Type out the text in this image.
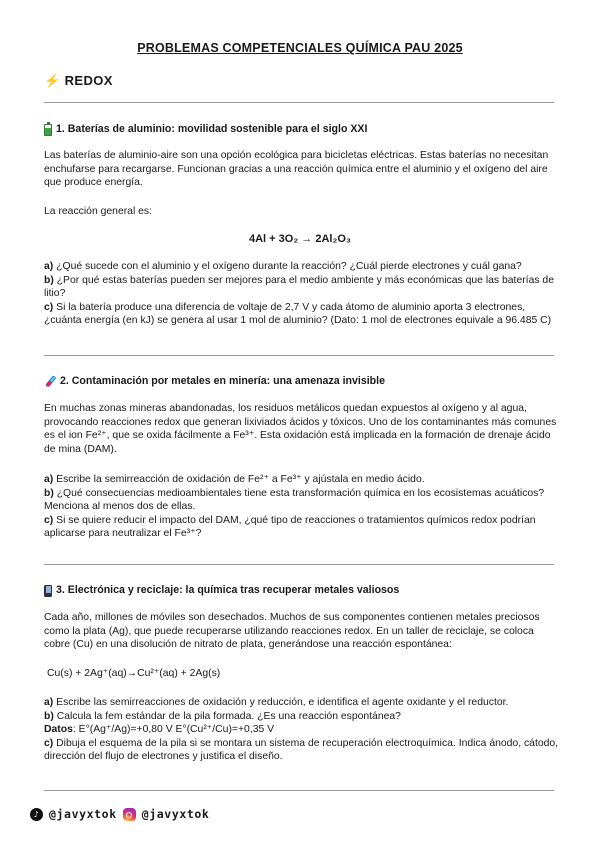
PROBLEMAS COMPETENCIALES QUÍMICA PAU 2025
⚡ REDOX
1. Baterías de aluminio: movilidad sostenible para el siglo XXI
Las baterías de aluminio-aire son una opción ecológica para bicicletas eléctricas. Estas baterías no necesitan enchufarse para recargarse. Funcionan gracias a una reacción química entre el aluminio y el oxígeno del aire que produce energía.
La reacción general es:
4Al + 3O₂ → 2Al₂O₃
a) ¿Qué sucede con el aluminio y el oxígeno durante la reacción? ¿Cuál pierde electrones y cuál gana?
b) ¿Por qué estas baterías pueden ser mejores para el medio ambiente y más económicas que las baterías de litio?
c) Si la batería produce una diferencia de voltaje de 2,7 V y cada átomo de aluminio aporta 3 electrones, ¿cuánta energía (en kJ) se genera al usar 1 mol de aluminio? (Dato: 1 mol de electrones equivale a 96.485 C)
2. Contaminación por metales en minería: una amenaza invisible
En muchas zonas mineras abandonadas, los residuos metálicos quedan expuestos al oxígeno y al agua, provocando reacciones redox que generan lixiviados ácidos y tóxicos. Uno de los contaminantes más comunes es el ion Fe²⁺, que se oxida fácilmente a Fe³⁺. Esta oxidación está implicada en la formación de drenaje ácido de mina (DAM).
a) Escribe la semirreacción de oxidación de Fe²⁺ a Fe³⁺ y ajústala en medio ácido.
b) ¿Qué consecuencias medioambientales tiene esta transformación química en los ecosistemas acuáticos? Menciona al menos dos de ellas.
c) Si se quiere reducir el impacto del DAM, ¿qué tipo de reacciones o tratamientos químicos redox podrían aplicarse para neutralizar el Fe³⁺?
3. Electrónica y reciclaje: la química tras recuperar metales valiosos
Cada año, millones de móviles son desechados. Muchos de sus componentes contienen metales preciosos como la plata (Ag), que puede recuperarse utilizando reacciones redox. En un taller de reciclaje, se coloca cobre (Cu) en una disolución de nitrato de plata, generándose una reacción espontánea:
Cu(s) + 2Ag⁺(aq)→Cu²⁺(aq) + 2Ag(s)
a) Escribe las semirreacciones de oxidación y reducción, e identifica el agente oxidante y el reductor.
b) Calcula la fem estándar de la pila formada. ¿Es una reacción espontánea?
Datos: E°(Ag⁺/Ag)=+0,80 V E°(Cu²⁺/Cu)=+0,35 V
c) Dibuja el esquema de la pila si se montara un sistema de recuperación electroquímica. Indica ánodo, cátodo, dirección del flujo de electrones y justifica el diseño.
♪ @javyxtok @javyxtok
